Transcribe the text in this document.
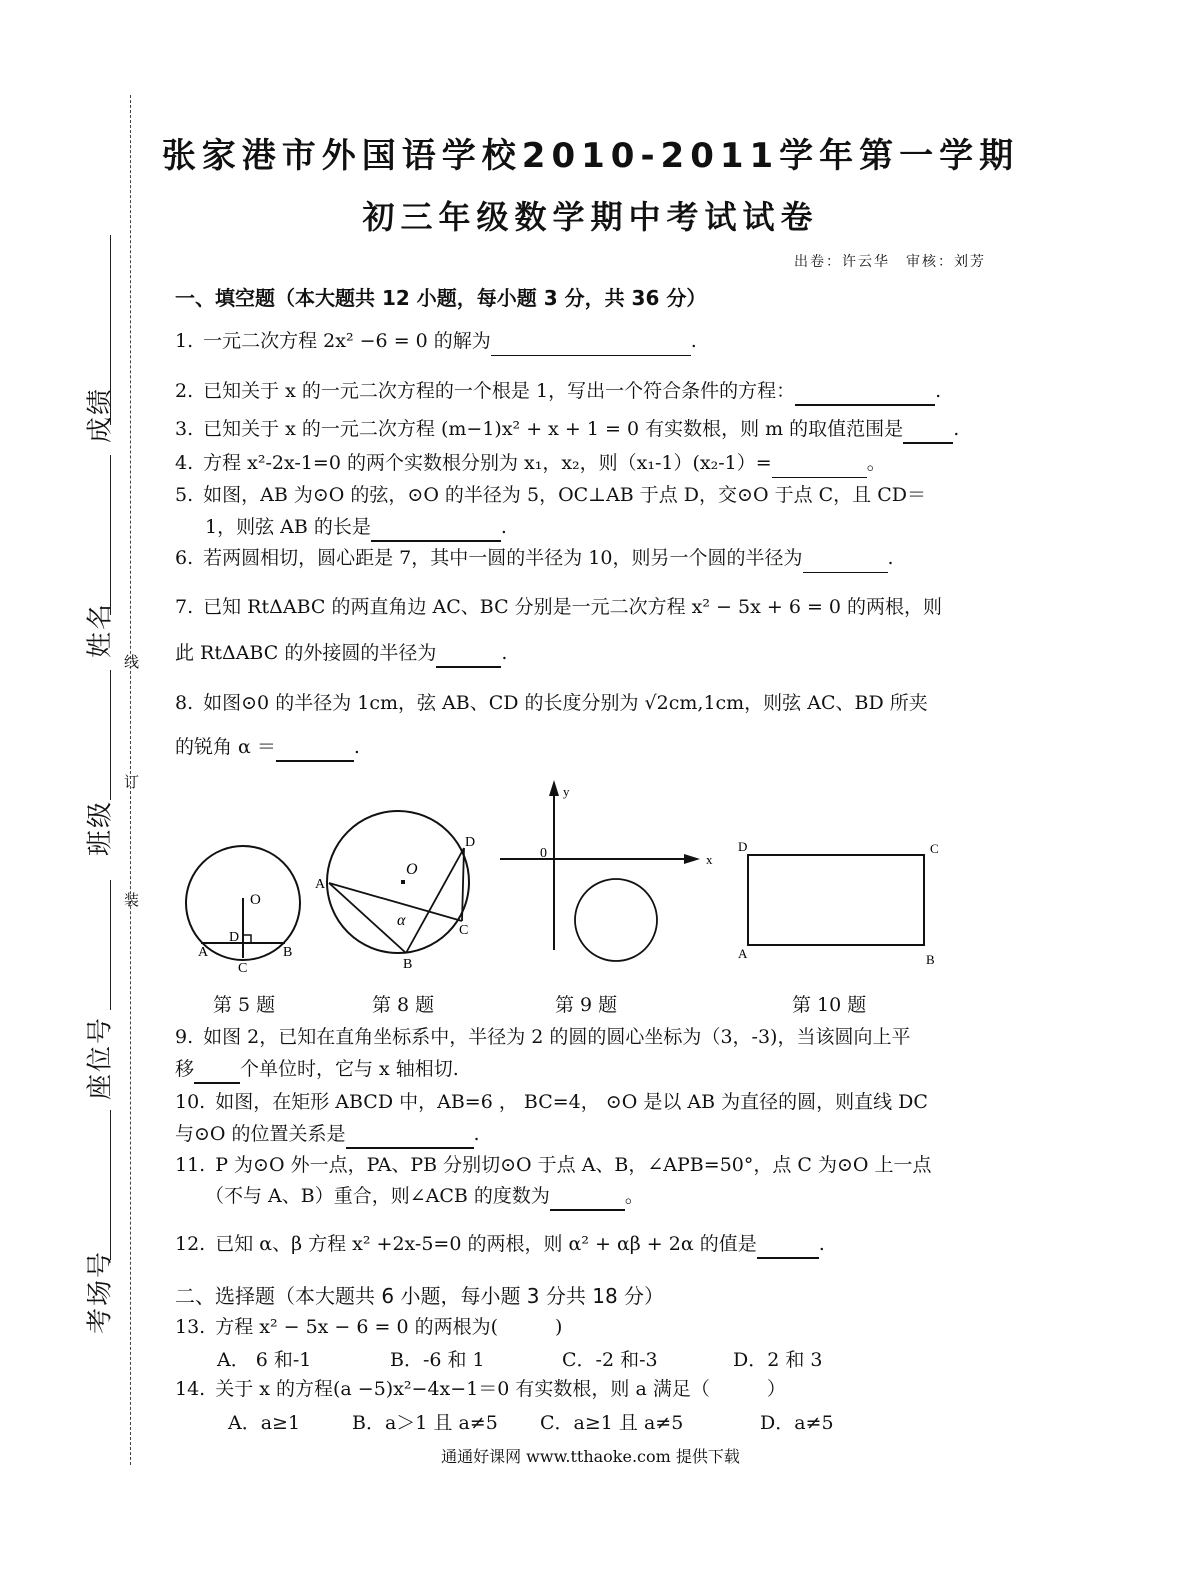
线
订
装
成绩
姓名
班级
座位号
考场号
张家港市外国语学校2010-2011学年第一学期
初三年级数学期中考试试卷
出卷：许云华　审核：刘芳
一、填空题（本大题共 12 小题，每小题 3 分，共 36 分）
1. 一元二次方程 2x² −6 = 0 的解为	.
2. 已知关于 x 的一元二次方程的一个根是 1，写出一个符合条件的方程：	.
3. 已知关于 x 的一元二次方程 (m−1)x² + x + 1 = 0 有实数根，则 m 的取值范围是	.
4. 方程 x²-2x-1=0 的两个实数根分别为 x₁，x₂，则（x₁-1）(x₂-1）=	。
5. 如图，AB 为⊙O 的弦，⊙O 的半径为 5，OC⊥AB 于点 D，交⊙O 于点 C，且 CD＝
1，则弦 AB 的长是	.
6. 若两圆相切，圆心距是 7，其中一圆的半径为 10，则另一个圆的半径为	.
7. 已知 RtΔABC 的两直角边 AC、BC 分别是一元二次方程 x² − 5x + 6 = 0 的两根，则
此 RtΔABC 的外接圆的半径为	.
8. 如图⊙0 的半径为 1cm，弦 AB、CD 的长度分别为 √2cm,1cm，则弦 AC、BD 所夹
的锐角 α ＝	.
O
D
A
C
B
O
D
A
α
C
B
y
x
0	D	C
A	B
第 5 题	第 8 题	第 9 题	第 10 题
9. 如图 2，已知在直角坐标系中，半径为 2 的圆的圆心坐标为（3，-3)，当该圆向上平
移 个单位时，它与 x 轴相切.
10. 如图，在矩形 ABCD 中，AB=6 ， BC=4， ⊙O 是以 AB 为直径的圆，则直线 DC
与⊙O 的位置关系是	.
11. P 为⊙O 外一点，PA、PB 分别切⊙O 于点 A、B，∠APB=50°，点 C 为⊙O 上一点
（不与 A、B）重合，则∠ACB 的度数为	。
12. 已知 α、β 方程 x² +2x-5=0 的两根，则 α² + αβ + 2α 的值是	.
二、选择题（本大题共 6 小题，每小题 3 分共 18 分）
13. 方程 x² − 5x − 6 = 0 的两根为(　　　)
A． 6 和-1	B．-6 和 1	C．-2 和-3	D．2 和 3
14. 关于 x 的方程(a −5)x²−4x−1＝0 有实数根，则 a 满足（　　　）
A．a≥1	B．a＞1 且 a≠5 C．a≥1 且 a≠5	D．a≠5
通通好课网 www.tthaoke.com 提供下载
